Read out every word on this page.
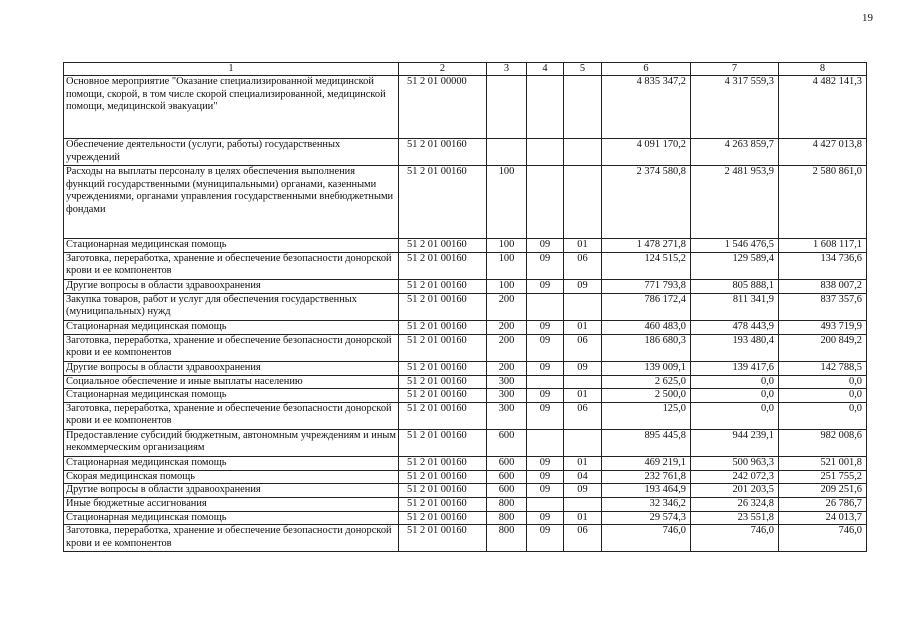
19
1	2	3	4	5	6	7	8
Основное мероприятие "Оказание специализированной медицинской помощи, скорой, в том числе скорой специализированной, медицинской помощи, медицинской эвакуации"	51 2 01 00000				4 835 347,2	4 317 559,3	4 482 141,3
Обеспечение деятельности (услуги, работы) государственных учреждений	51 2 01 00160				4 091 170,2	4 263 859,7	4 427 013,8
Расходы на выплаты персоналу в целях обеспечения выполнения функций государственными (муниципальными) органами, казенными учреждениями, органами управления государственными внебюджетными фондами	51 2 01 00160	100			2 374 580,8	2 481 953,9	2 580 861,0
Стационарная медицинская помощь	51 2 01 00160	100	09	01	1 478 271,8	1 546 476,5	1 608 117,1
Заготовка, переработка, хранение и обеспечение безопасности донорской крови и ее компонентов	51 2 01 00160	100	09	06	124 515,2	129 589,4	134 736,6
Другие вопросы в области здравоохранения	51 2 01 00160	100	09	09	771 793,8	805 888,1	838 007,2
Закупка товаров, работ и услуг для обеспечения государственных (муниципальных) нужд	51 2 01 00160	200			786 172,4	811 341,9	837 357,6
Стационарная медицинская помощь	51 2 01 00160	200	09	01	460 483,0	478 443,9	493 719,9
Заготовка, переработка, хранение и обеспечение безопасности донорской крови и ее компонентов	51 2 01 00160	200	09	06	186 680,3	193 480,4	200 849,2
Другие вопросы в области здравоохранения	51 2 01 00160	200	09	09	139 009,1	139 417,6	142 788,5
Социальное обеспечение и иные выплаты населению	51 2 01 00160	300			2 625,0	0,0	0,0
Стационарная медицинская помощь	51 2 01 00160	300	09	01	2 500,0	0,0	0,0
Заготовка, переработка, хранение и обеспечение безопасности донорской крови и ее компонентов	51 2 01 00160	300	09	06	125,0	0,0	0,0
Предоставление субсидий бюджетным, автономным учреждениям и иным некоммерческим организациям	51 2 01 00160	600			895 445,8	944 239,1	982 008,6
Стационарная медицинская помощь	51 2 01 00160	600	09	01	469 219,1	500 963,3	521 001,8
Скорая медицинская помощь	51 2 01 00160	600	09	04	232 761,8	242 072,3	251 755,2
Другие вопросы в области здравоохранения	51 2 01 00160	600	09	09	193 464,9	201 203,5	209 251,6
Иные бюджетные ассигнования	51 2 01 00160	800			32 346,2	26 324,8	26 786,7
Стационарная медицинская помощь	51 2 01 00160	800	09	01	29 574,3	23 551,8	24 013,7
Заготовка, переработка, хранение и обеспечение безопасности донорской крови и ее компонентов	51 2 01 00160	800	09	06	746,0	746,0	746,0
